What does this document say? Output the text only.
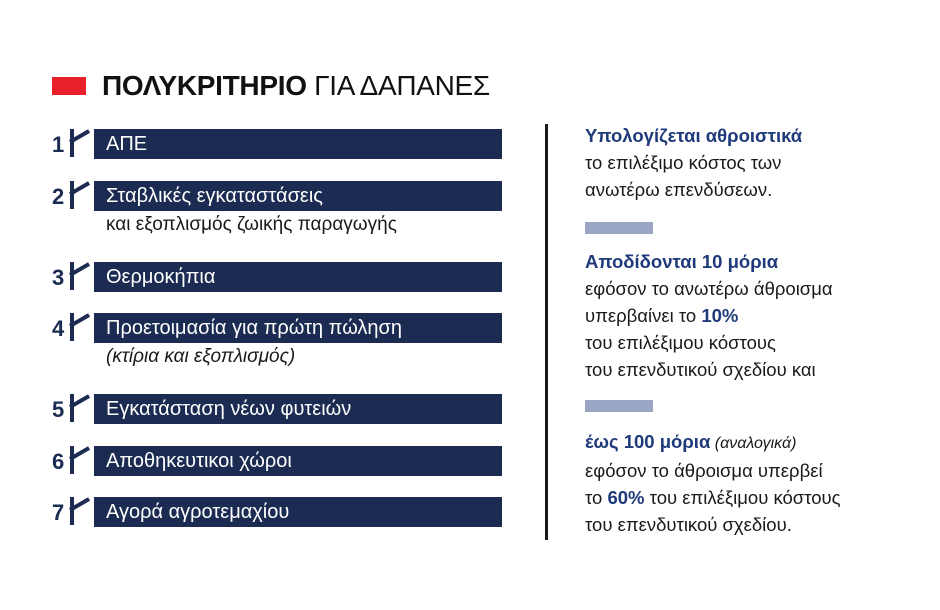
ΠΟΛΥΚΡΙΤΗΡΙΟ ΓΙΑ ΔΑΠΑΝΕΣ
1	ΑΠΕ
2	Σταβλικές εγκαταστάσεις
και εξοπλισμός ζωικής παραγωγής
3	Θερμοκήπια
4	Προετοιμασία για πρώτη πώληση
(κτίρια και εξοπλισμός)
5	Εγκατάσταση νέων φυτειών
6	Αποθηκευτικοι χώροι
7	Αγορά αγροτεμαχίου
Υπολογίζεται αθροιστικά
το επιλέξιμο κόστος των
ανωτέρω επενδύσεων.
Αποδίδονται 10 μόρια
εφόσον το ανωτέρω άθροισμα
υπερβαίνει το 10%
του επιλέξιμου κόστους
του επενδυτικού σχεδίου και
έως 100 μόρια (αναλογικά)
εφόσον το άθροισμα υπερβεί
το 60% του επιλέξιμου κόστους
του επενδυτικού σχεδίου.
